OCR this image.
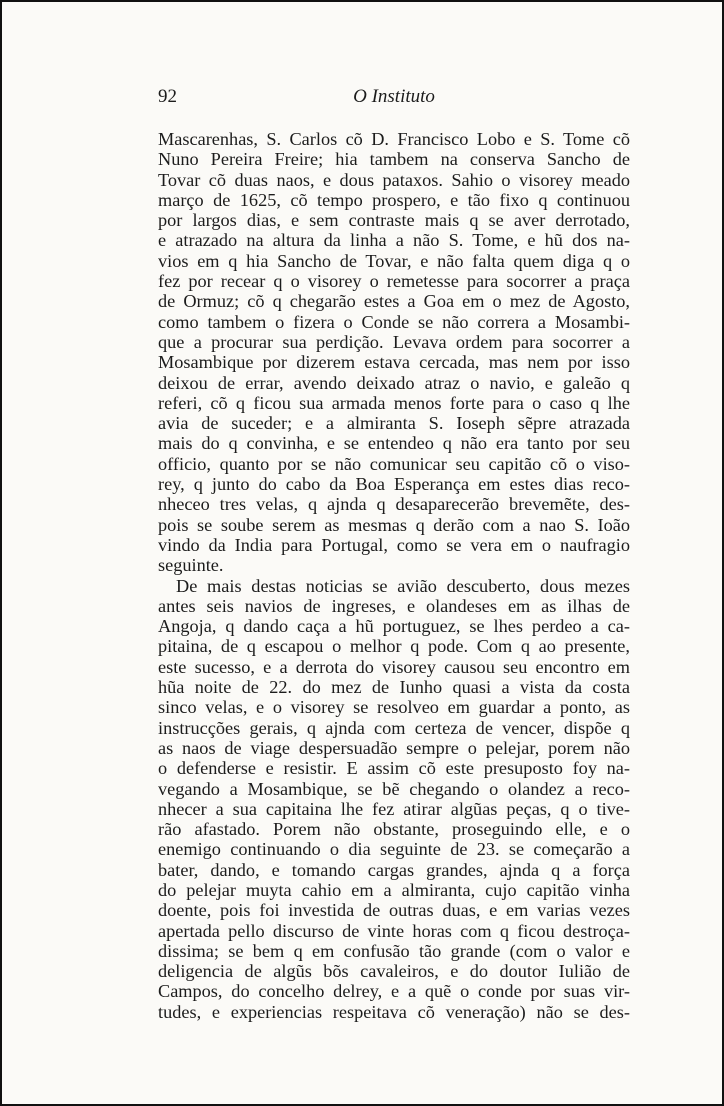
92	O Instituto
Mascarenhas, S. Carlos cõ D. Francisco Lobo e S. Tome cõ
Nuno Pereira Freire; hia tambem na conserva Sancho de
Tovar cõ duas naos, e dous pataxos. Sahio o visorey meado
março de 1625, cõ tempo prospero, e tão fixo q continuou
por largos dias, e sem contraste mais q se aver derrotado,
e atrazado na altura da linha a não S. Tome, e hũ dos na-
vios em q hia Sancho de Tovar, e não falta quem diga q o
fez por recear q o visorey o remetesse para socorrer a praça
de Ormuz; cõ q chegarão estes a Goa em o mez de Agosto,
como tambem o fizera o Conde se não correra a Mosambi-
que a procurar sua perdição. Levava ordem para socorrer a
Mosambique por dizerem estava cercada, mas nem por isso
deixou de errar, avendo deixado atraz o navio, e galeão q
referi, cõ q ficou sua armada menos forte para o caso q lhe
avia de suceder; e a almiranta S. Ioseph sẽpre atrazada
mais do q convinha, e se entendeo q não era tanto por seu
officio, quanto por se não comunicar seu capitão cõ o viso-
rey, q junto do cabo da Boa Esperança em estes dias reco-
nheceo tres velas, q ajnda q desaparecerão brevemẽte, des-
pois se soube serem as mesmas q derão com a nao S. Ioão
vindo da India para Portugal, como se vera em o naufragio
seguinte.
De mais destas noticias se avião descuberto, dous mezes
antes seis navios de ingreses, e olandeses em as ilhas de
Angoja, q dando caça a hũ portuguez, se lhes perdeo a ca-
pitaina, de q escapou o melhor q pode. Com q ao presente,
este sucesso, e a derrota do visorey causou seu encontro em
hũa noite de 22. do mez de Iunho quasi a vista da costa
sinco velas, e o visorey se resolveo em guardar a ponto, as
instrucções gerais, q ajnda com certeza de vencer, dispõe q
as naos de viage despersuadão sempre o pelejar, porem não
o defenderse e resistir. E assim cõ este presuposto foy na-
vegando a Mosambique, se bẽ chegando o olandez a reco-
nhecer a sua capitaina lhe fez atirar algũas peças, q o tive-
rão afastado. Porem não obstante, proseguindo elle, e o
enemigo continuando o dia seguinte de 23. se começarão a
bater, dando, e tomando cargas grandes, ajnda q a força
do pelejar muyta cahio em a almiranta, cujo capitão vinha
doente, pois foi investida de outras duas, e em varias vezes
apertada pello discurso de vinte horas com q ficou destroça-
dissima; se bem q em confusão tão grande (com o valor e
deligencia de algũs bõs cavaleiros, e do doutor Iulião de
Campos, do concelho delrey, e a quẽ o conde por suas vir-
tudes, e experiencias respeitava cõ veneração) não se des-
